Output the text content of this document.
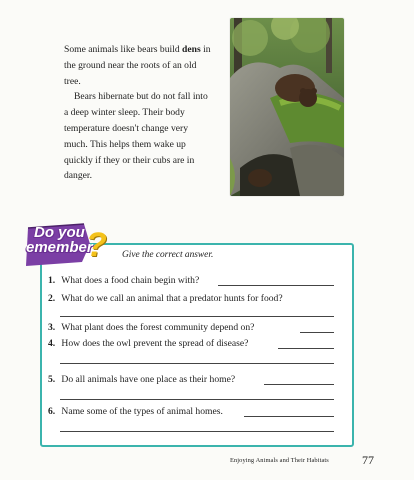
Some animals like bears build dens in the ground near the roots of an old tree.

Bears hibernate but do not fall into a deep winter sleep. Their body temperature doesn't change very much. This helps them wake up quickly if they or their cubs are in danger.

Do you
emember
? Give the correct answer.
1. What does a food chain begin with?
2. What do we call an animal that a predator hunts for food?
3. What plant does the forest community depend on?
4. How does the owl prevent the spread of disease?
5. Do all animals have one place as their home?
6. Name some of the types of animal homes.
Enjoying Animals and Their Habitats	77
